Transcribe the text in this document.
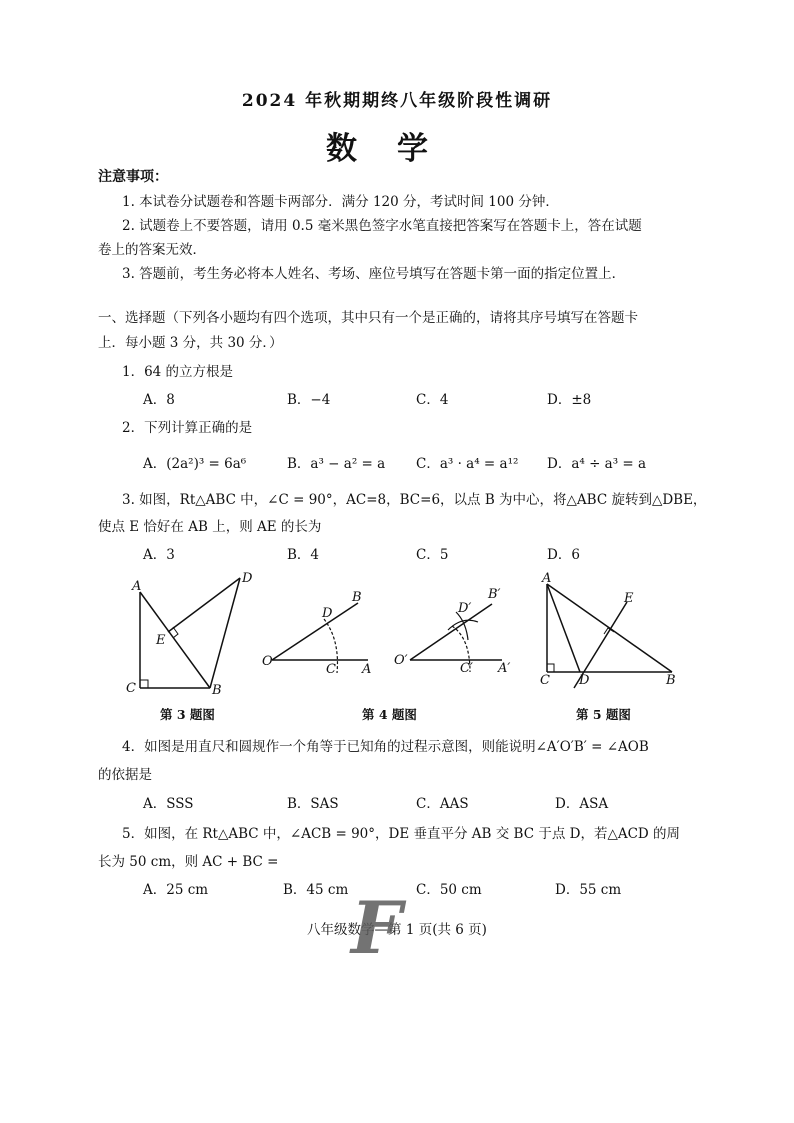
2024 年秋期期终八年级阶段性调研
数学
注意事项：
1. 本试卷分试题卷和答题卡两部分．满分 120 分，考试时间 100 分钟．
2. 试题卷上不要答题，请用 0.5 毫米黑色签字水笔直接把答案写在答题卡上，答在试题
卷上的答案无效．
3. 答题前，考生务必将本人姓名、考场、座位号填写在答题卡第一面的指定位置上．
一、选择题（下列各小题均有四个选项，其中只有一个是正确的，请将其序号填写在答题卡
上．每小题 3 分，共 30 分．）
1．64 的立方根是
A．8	B．−4	C．4	D．±8
2．下列计算正确的是
A．(2a²)³ = 6a⁶	B．a³ − a² = a C．a³ · a⁴ = a¹² D．a⁴ ÷ a³ = a
3. 如图，Rt△ABC 中，∠C = 90°，AC=8，BC=6，以点 B 为中心，将△ABC 旋转到△DBE，
使点 E 恰好在 AB 上，则 AE 的长为
A．3	B．4	C．5	D．6
A
B
C
D
E
第 3 题图
O
A
B
C
D
O′
A′
B′
C′
D′
第 4 题图
A
B
C D
E
第 5 题图
4．如图是用直尺和圆规作一个角等于已知角的过程示意图，则能说明∠A′O′B′ = ∠AOB
的依据是
A．SSS	B．SAS	C．AAS	D．ASA
5．如图，在 Rt△ABC 中，∠ACB = 90°，DE 垂直平分 AB 交 BC 于点 D，若△ACD 的周
长为 50 cm，则 AC + BC =
A．25 cm	B．45 cm	C．50 cm	D．55 cm
八年级数学—第 1 页(共 6 页)
F
